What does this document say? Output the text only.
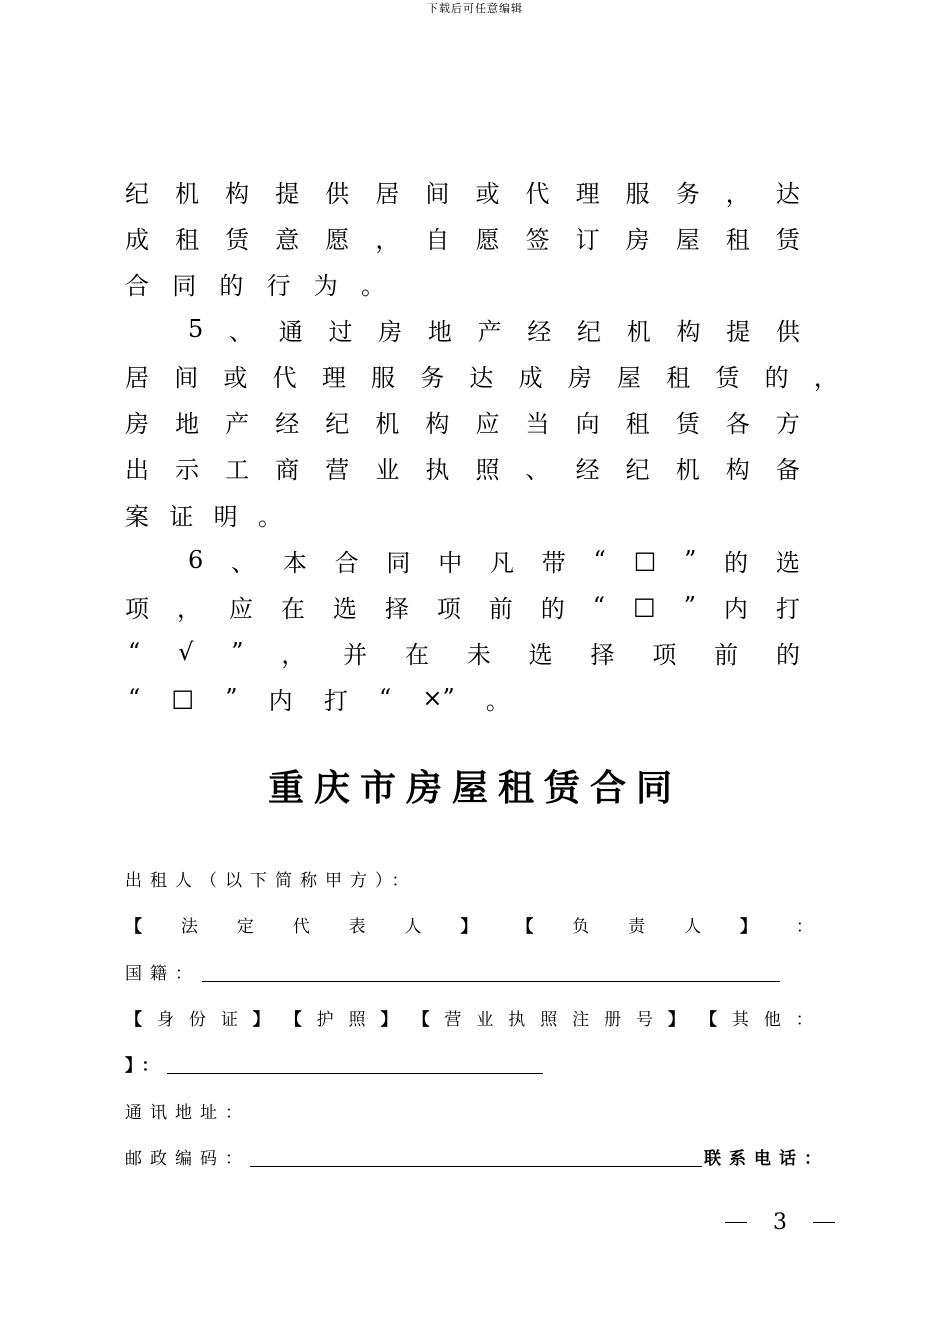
下载后可任意编辑
纪 机 构 提 供 居 间 或 代 理 服 务 ， 达
成 租 赁 意 愿 ， 自 愿 签 订 房 屋 租 赁
合 同 的 行 为 。
5 、 通 过 房 地 产 经 纪 机 构 提 供
居 间 或 代 理 服 务 达 成 房 屋 租 赁 的 ，
房 地 产 经 纪 机 构 应 当 向 租 赁 各 方
出 示 工 商 营 业 执 照 、 经 纪 机 构 备
案 证 明 。
6 、 本 合 同 中 凡 带 “ □ ” 的 选
项 ， 应 在 选 择 项 前 的 “ □ ” 内 打
“ √ ” ， 并 在 未 选 择 项 前 的
“ □ ” 内 打 “ ×” 。
重庆市房屋租赁合同
出租人（以下简称甲方）：
【 法 定 代 表 人 】 【 负 责 人 】 ：
国籍：
【 身 份 证 】 【 护 照 】 【 营 业 执 照 注 册 号 】 【 其 他 ：
】：
通讯地址：
邮政编码：	联系电话：
3
